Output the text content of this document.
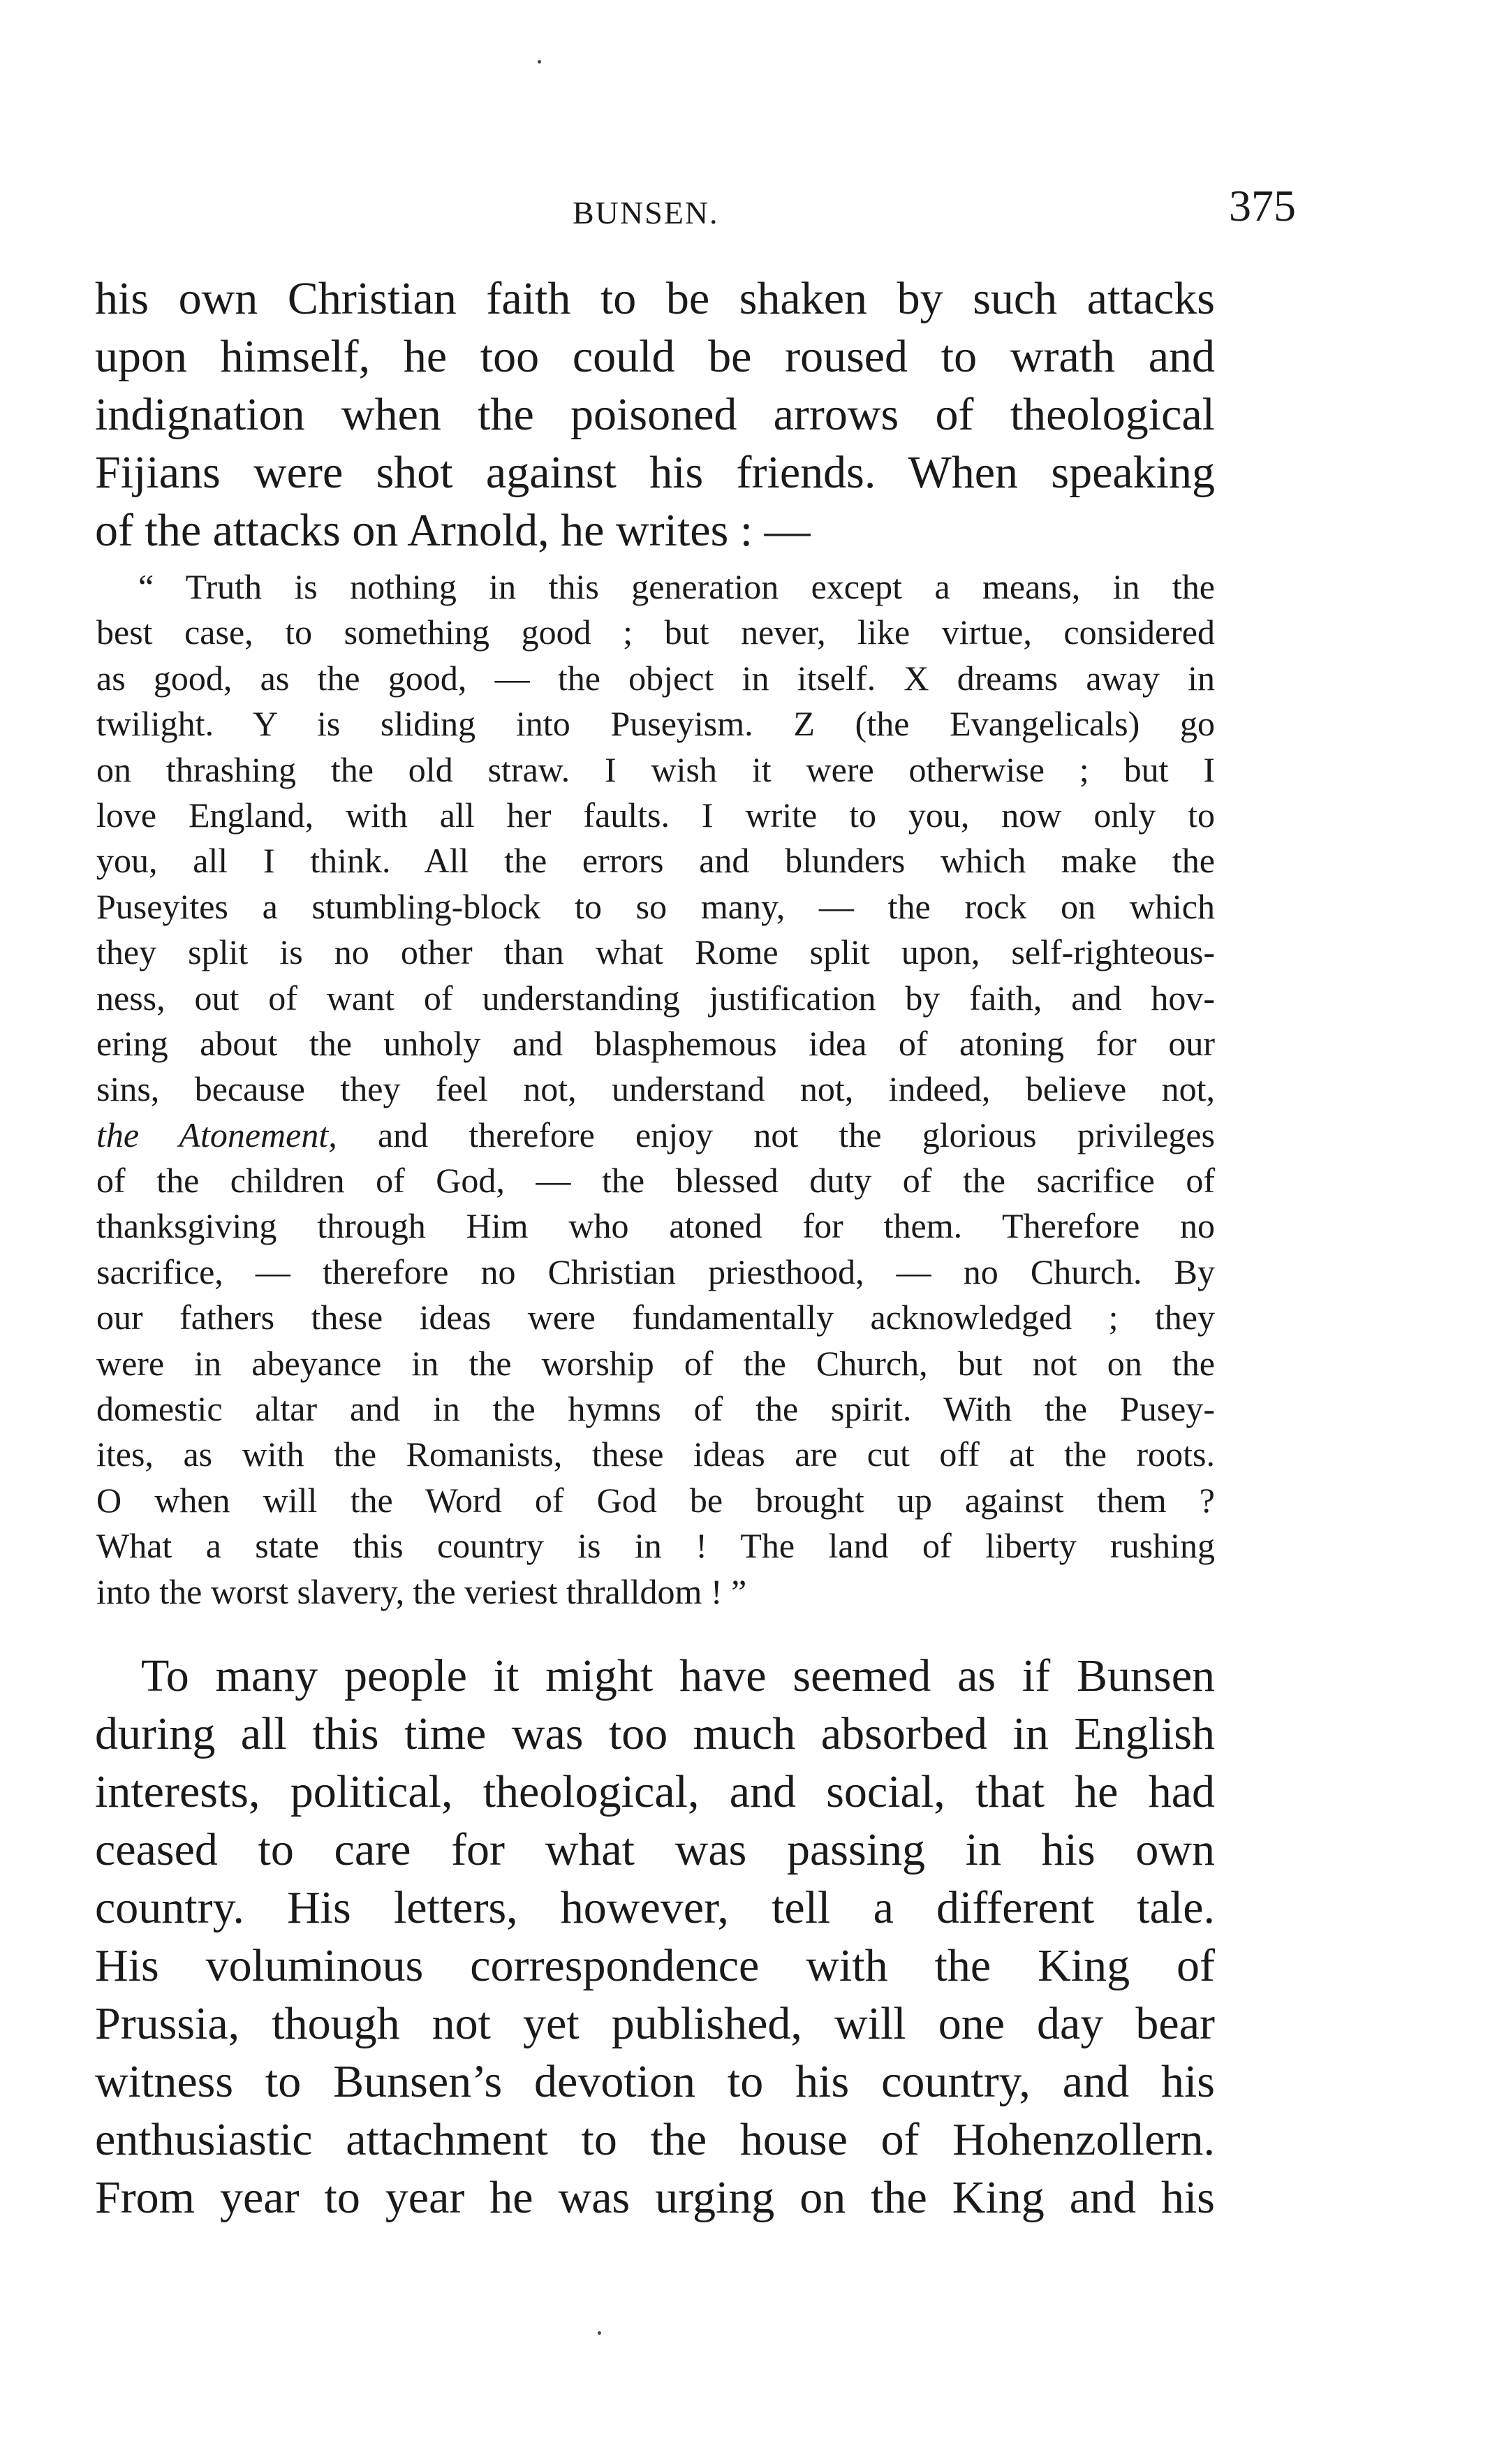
BUNSEN.	375

his own Christian faith to be shaken by such attacks
upon himself, he too could be roused to wrath and
indignation when the poisoned arrows of theological
Fijians were shot against his friends. When speaking
of the attacks on Arnold, he writes : —

“ Truth is nothing in this generation except a means, in the
best case, to something good ; but never, like virtue, considered
as good, as the good, — the object in itself. X dreams away in
twilight. Y is sliding into Puseyism. Z (the Evangelicals) go
on thrashing the old straw. I wish it were otherwise ; but I
love England, with all her faults. I write to you, now only to
you, all I think. All the errors and blunders which make the
Puseyites a stumbling-block to so many, — the rock on which
they split is no other than what Rome split upon, self-righteous-
ness, out of want of understanding justification by faith, and hov-
ering about the unholy and blasphemous idea of atoning for our
sins, because they feel not, understand not, indeed, believe not,
the Atonement, and therefore enjoy not the glorious privileges
of the children of God, — the blessed duty of the sacrifice of
thanksgiving through Him who atoned for them. Therefore no
sacrifice, — therefore no Christian priesthood, — no Church. By
our fathers these ideas were fundamentally acknowledged ; they
were in abeyance in the worship of the Church, but not on the
domestic altar and in the hymns of the spirit. With the Pusey-
ites, as with the Romanists, these ideas are cut off at the roots.
O when will the Word of God be brought up against them ?
What a state this country is in ! The land of liberty rushing
into the worst slavery, the veriest thralldom ! ”

To many people it might have seemed as if Bunsen
during all this time was too much absorbed in English
interests, political, theological, and social, that he had
ceased to care for what was passing in his own
country. His letters, however, tell a different tale.
His voluminous correspondence with the King of
Prussia, though not yet published, will one day bear
witness to Bunsen’s devotion to his country, and his
enthusiastic attachment to the house of Hohenzollern.
From year to year he was urging on the King and his
